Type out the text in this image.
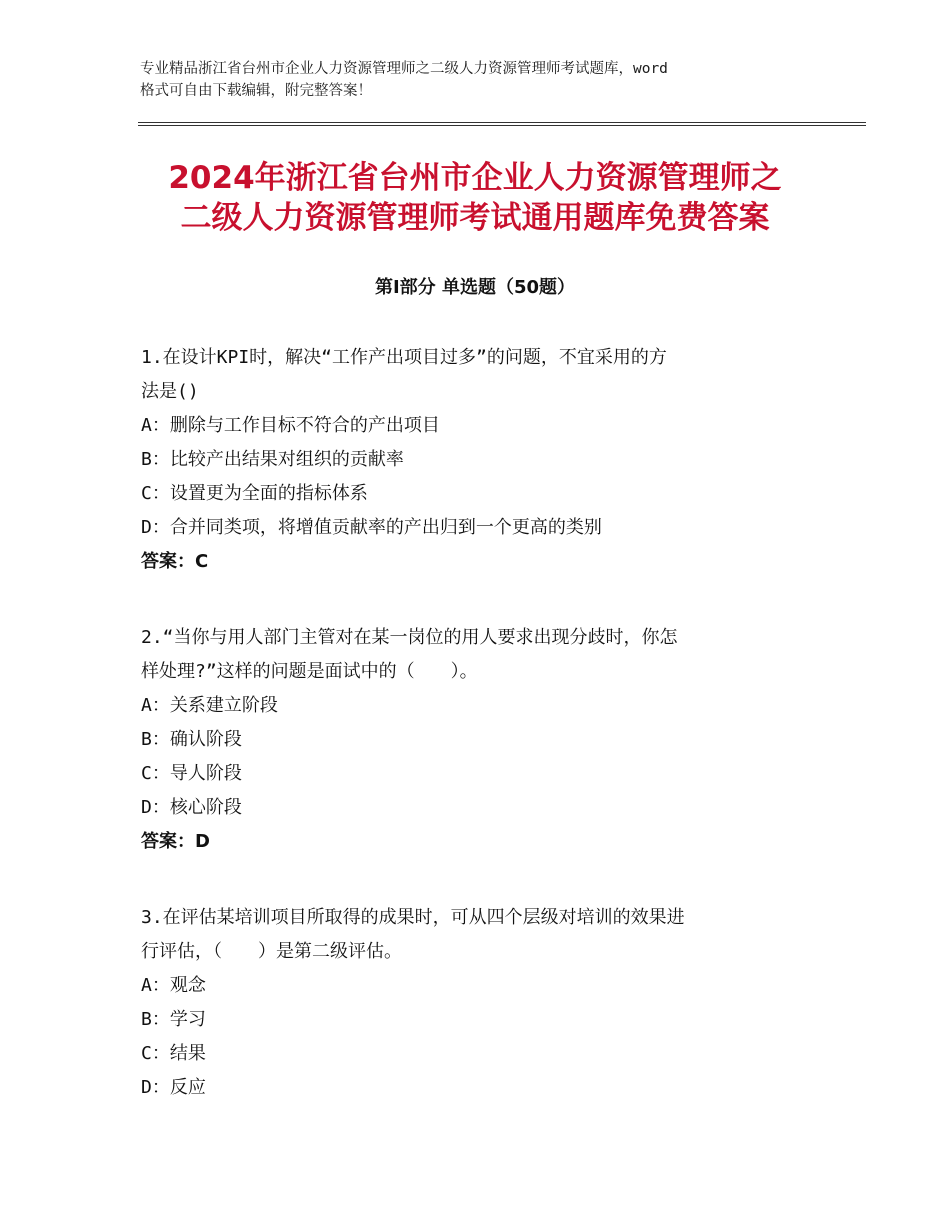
专业精品浙江省台州市企业人力资源管理师之二级人力资源管理师考试题库，word
格式可自由下载编辑，附完整答案！
2024年浙江省台州市企业人力资源管理师之
二级人力资源管理师考试通用题库免费答案
第Ⅰ部分 单选题（50题）

1.在设计KPI时，解决“工作产出项目过多”的问题，不宜采用的方
法是()

A：删除与工作目标不符合的产出项目

B：比较产出结果对组织的贡献率

C：设置更为全面的指标体系

D：合并同类项，将增值贡献率的产出归到一个更高的类别

答案：C

2.“当你与用人部门主管对在某一岗位的用人要求出现分歧时，你怎
样处理?”这样的问题是面试中的（　　）。

A：关系建立阶段

B：确认阶段

C：导人阶段

D：核心阶段

答案：D

3.在评估某培训项目所取得的成果时，可从四个层级对培训的效果进
行评估，（　　）是第二级评估。

A：观念

B：学习

C：结果

D：反应
